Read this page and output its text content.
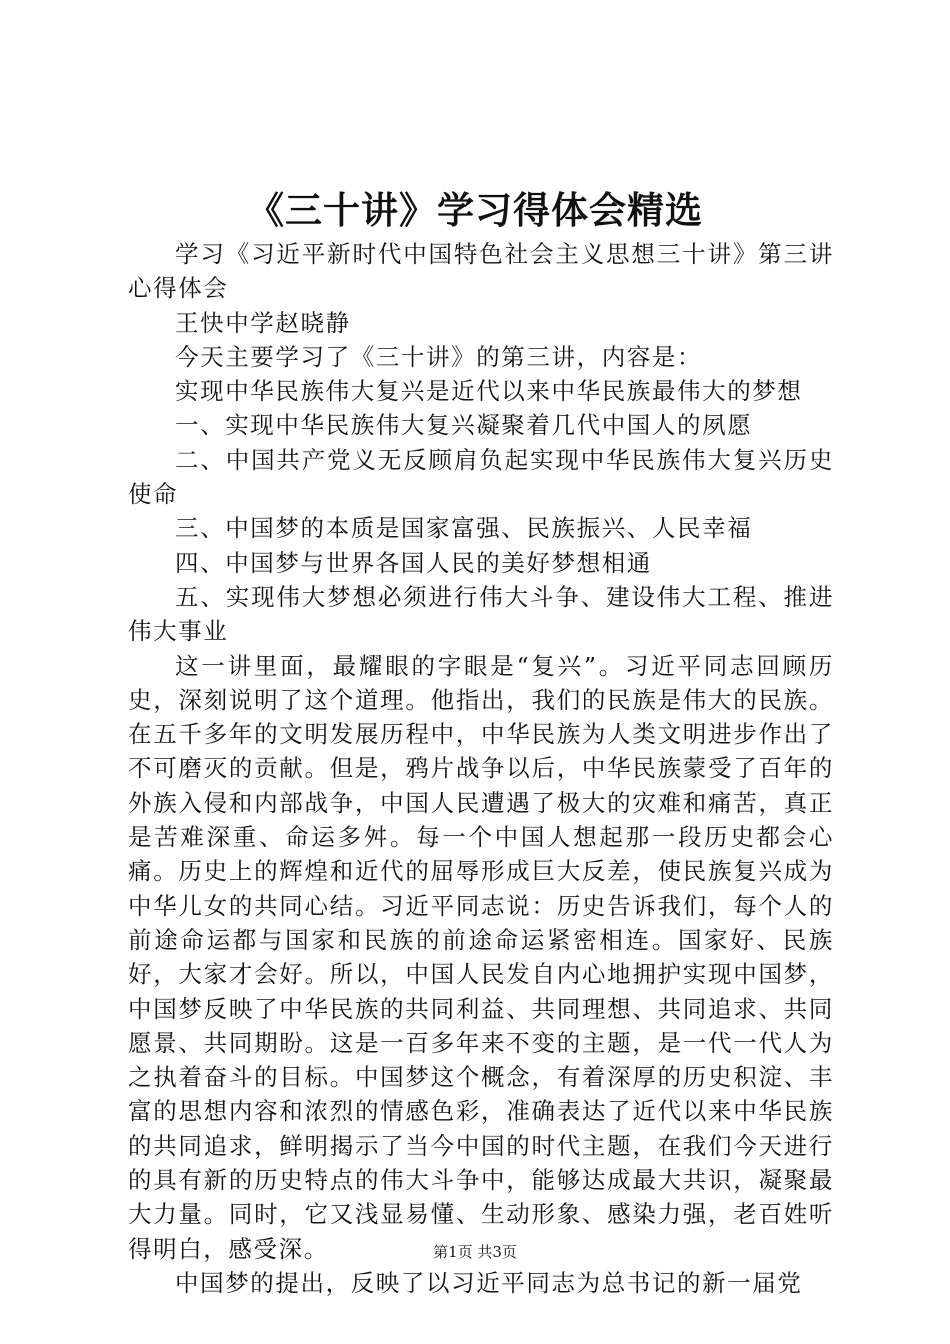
《三十讲》学习得体会精选

学习《习近平新时代中国特色社会主义思想三十讲》第三讲心得体会

王快中学赵晓静

今天主要学习了《三十讲》的第三讲，内容是：

实现中华民族伟大复兴是近代以来中华民族最伟大的梦想

一、实现中华民族伟大复兴凝聚着几代中国人的夙愿

二、中国共产党义无反顾肩负起实现中华民族伟大复兴历史使命

三、中国梦的本质是国家富强、民族振兴、人民幸福

四、中国梦与世界各国人民的美好梦想相通

五、实现伟大梦想必须进行伟大斗争、建设伟大工程、推进伟大事业

这一讲里面，最耀眼的字眼是“复兴”。习近平同志回顾历史，深刻说明了这个道理。他指出，我们的民族是伟大的民族。在五千多年的文明发展历程中，中华民族为人类文明进步作出了不可磨灭的贡献。但是，鸦片战争以后，中华民族蒙受了百年的外族入侵和内部战争，中国人民遭遇了极大的灾难和痛苦，真正是苦难深重、命运多舛。每一个中国人想起那一段历史都会心痛。历史上的辉煌和近代的屈辱形成巨大反差，使民族复兴成为中华儿女的共同心结。习近平同志说：历史告诉我们，每个人的前途命运都与国家和民族的前途命运紧密相连。国家好、民族好，大家才会好。所以，中国人民发自内心地拥护实现中国梦，中国梦反映了中华民族的共同利益、共同理想、共同追求、共同愿景、共同期盼。这是一百多年来不变的主题，是一代一代人为之执着奋斗的目标。中国梦这个概念，有着深厚的历史积淀、丰富的思想内容和浓烈的情感色彩，准确表达了近代以来中华民族的共同追求，鲜明揭示了当今中国的时代主题，在我们今天进行的具有新的历史特点的伟大斗争中，能够达成最大共识，凝聚最大力量。同时，它又浅显易懂、生动形象、感染力强，老百姓听得明白，感受深。

中国梦的提出，反映了以习近平同志为总书记的新一届党

第1页 共3页
